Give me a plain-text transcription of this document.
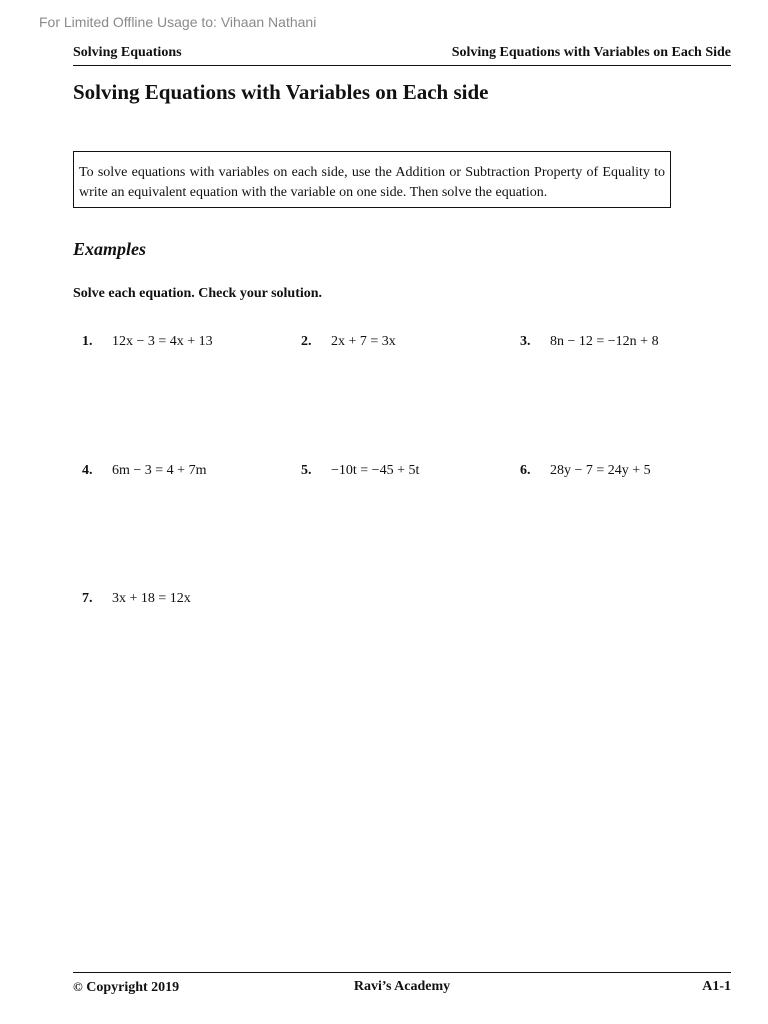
For Limited Offline Usage to: Vihaan Nathani
Solving Equations	Solving Equations with Variables on Each Side
Solving Equations with Variables on Each side
To solve equations with variables on each side, use the Addition or Subtraction Property of Equality to write an equivalent equation with the variable on one side. Then solve the equation.
Examples
Solve each equation. Check your solution.
1. 12x − 3 = 4x + 13	2. 2x + 7 = 3x	3. 8n − 12 = −12n + 8
4. 6m − 3 = 4 + 7m	5. −10t = −45 + 5t	6. 28y − 7 = 24y + 5
7. 3x + 18 = 12x
© Copyright 2019	Ravi’s Academy	A1-1
